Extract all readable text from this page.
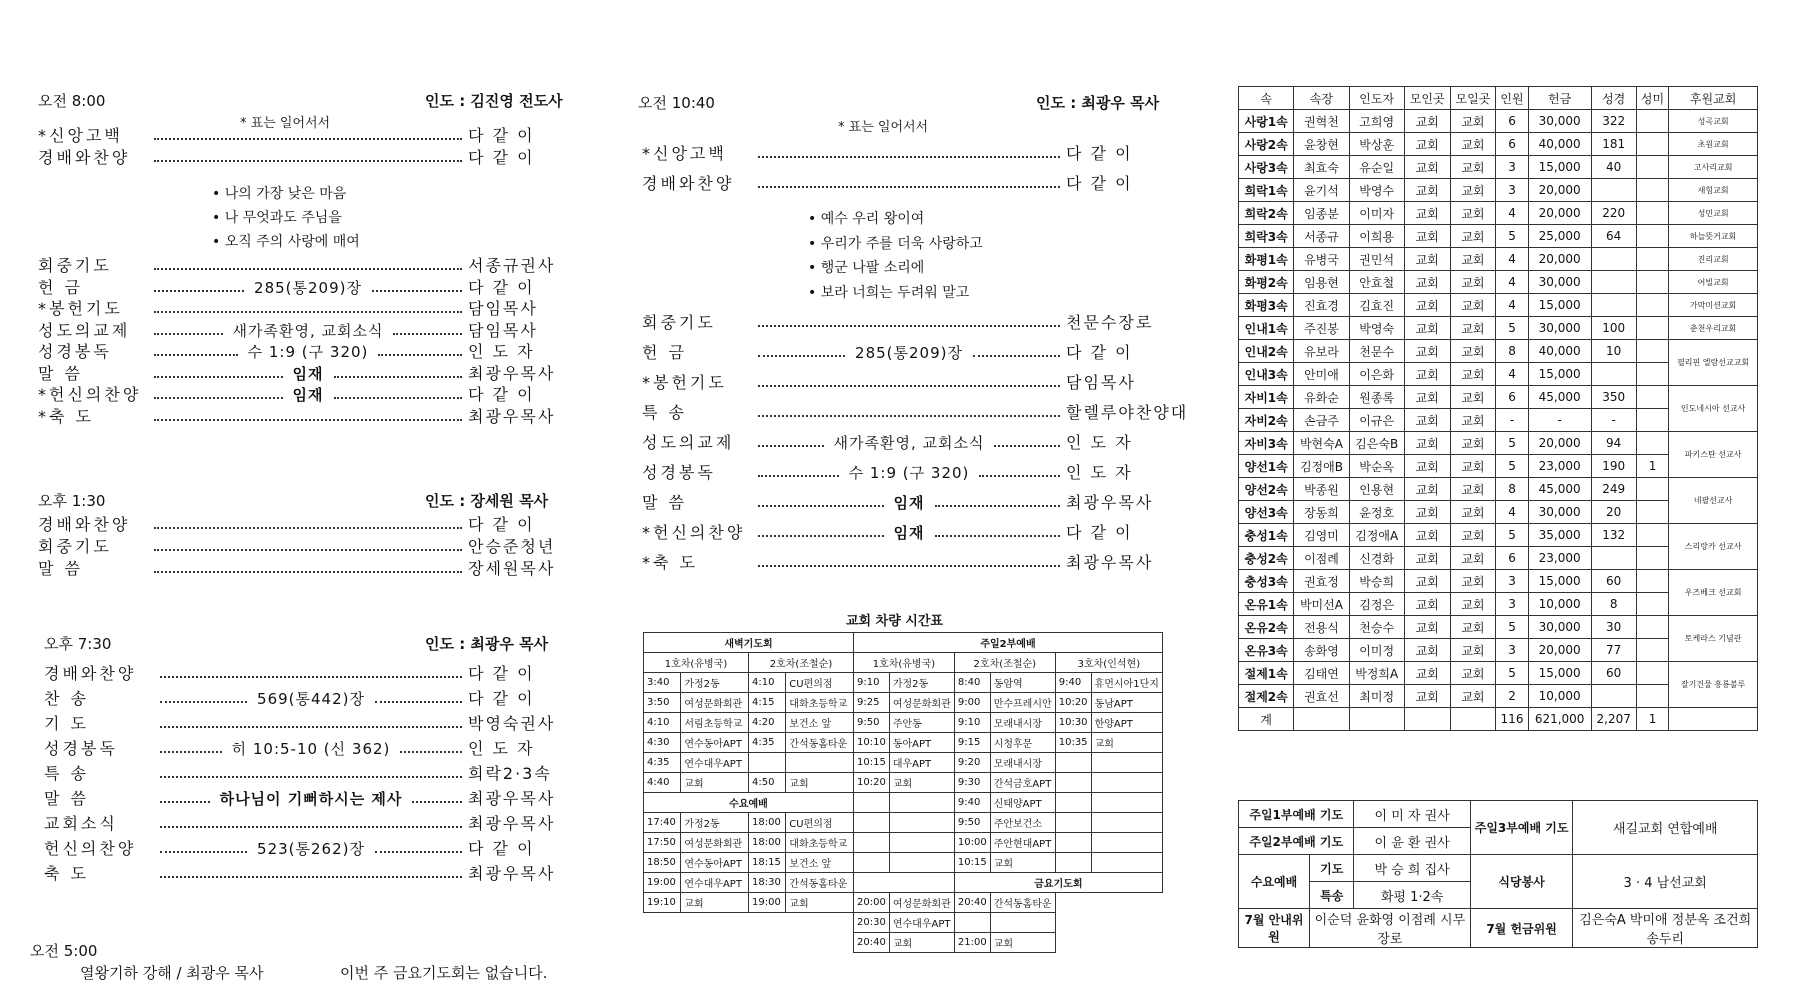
오전 8:00	인도 : 김진영 전도사
* 표는 일어서서
*신앙고백	다 같 이
경배와찬양	다 같 이
• 나의 가장 낮은 마음
• 나 무엇과도 주님을
• 오직 주의 사랑에 매여
회중기도	서종규권사
헌 금	285(통209)장	다 같 이
*봉헌기도	담임목사
성도의교제	새가족환영, 교회소식	담임목사
성경봉독	수 1:9 (구 320)	인 도 자
말 씀	임재	최광우목사
*헌신의찬양	임재	다 같 이
*축 도	최광우목사
오후 1:30	인도 : 장세원 목사
경배와찬양	다 같 이
회중기도	안승준청년
말 씀	장세원목사
오후 7:30	인도 : 최광우 목사
경배와찬양	다 같 이
찬 송	569(통442)장	다 같 이
기 도	박영숙권사
성경봉독	히 10:5-10 (신 362)	인 도 자
특 송	희락2·3속
말 씀	하나님이 기뻐하시는 제사	최광우목사
교회소식	최광우목사
헌신의찬양	523(통262)장	다 같 이
축 도	최광우목사
오전 5:00
열왕기하 강해 / 최광우 목사	이번 주 금요기도회는 없습니다.
오전 10:40	인도 : 최광우 목사
* 표는 일어서서
*신앙고백	다 같 이
경배와찬양	다 같 이
• 예수 우리 왕이여
• 우리가 주를 더욱 사랑하고
• 행군 나팔 소리에
• 보라 너희는 두려워 말고
회중기도	천문수장로
헌 금	285(통209)장	다 같 이
*봉헌기도	담임목사
특 송	할렐루야찬양대
성도의교제	새가족환영, 교회소식	인 도 자
성경봉독	수 1:9 (구 320)	인 도 자
말 씀	임재	최광우목사
*헌신의찬양	임재	다 같 이
*축 도	최광우목사
교회 차량 시간표
새벽기도회			
1호차(유병국)		2호차(조철순)	
3:40	가정2동	4:10	CU편의점
3:50	여성문화회관	4:15	대화초등학교
4:10	서림초등학교	4:20	보건소 앞
4:30	연수동아APT	4:35	간석동홈타운
4:35	연수대우APT		
4:40	교회	4:50	교회
수요예배			
17:40	가정2동	18:00	CU편의점
17:50	여성문화회관	18:00	대화초등학교
18:50	연수동아APT	18:15	보건소 앞
19:00	연수대우APT	18:30	간석동홈타운
19:10	교회	19:00	교회
주일2부예배					
1호차(유병국)		2호차(조철순)		3호차(인석현)	
9:10	가정2동	8:40	동암역	9:40	휴먼시아1단지
9:25	여성문화회관	9:00	만수프레시안	10:20	동남APT
9:50	주안동	9:10	모래내시장	10:30	한양APT
10:10	동아APT	9:15	시청후문	10:35	교회
10:15	대우APT	9:20	모래내시장		
10:20	교회	9:30	간석금호APT		
		9:40	신태양APT		
		9:50	주안보건소		
		10:00	주안현대APT		
		10:15	교회		
		금요기도회			
20:00	여성문화회관	20:40	간석동홈타운		
20:30	연수대우APT				
20:40	교회	21:00	교회		
속	속장	인도자	모인곳	모일곳	인원	헌금	성경	성미	후원교회
사랑1속	권혁천	고희영	교회	교회	6	30,000	322		성곡교회
사랑2속	윤창현	박상훈	교회	교회	6	40,000	181		초원교회
사랑3속	최효숙	유순일	교회	교회	3	15,000	40		고사리교회
희락1속	윤기석	박영수	교회	교회	3	20,000			새힘교회
희락2속	임종분	이미자	교회	교회	4	20,000	220		성민교회
희락3속	서종규	이희용	교회	교회	5	25,000	64		하늘뜻거교회
화평1속	유병국	권민석	교회	교회	4	20,000			진리교회
화평2속	임용현	안효철	교회	교회	4	30,000			어빌교회
화평3속	진효경	김효진	교회	교회	4	15,000			가막미션교회
인내1속	주진봉	박영숙	교회	교회	5	30,000	100		춘천우리교회
인내2속	유보라	천문수	교회	교회	8	40,000	10		필리핀 엘람선교교회
인내3속	안미애	이은화	교회	교회	4	15,000			
자비1속	유화순	원종록	교회	교회	6	45,000	350		인도네시아 선교사
자비2속	손금주	이규은	교회	교회	-	-	-		
자비3속	박현숙A	김은숙B	교회	교회	5	20,000	94		파키스탄 선교사
양선1속	김정애B	박순옥	교회	교회	5	23,000	190	1	
양선2속	박종원	인용현	교회	교회	8	45,000	249		네팔선교사
양선3속	장동희	윤정호	교회	교회	4	30,000	20		
충성1속	김영미	김정애A	교회	교회	5	35,000	132		스리랑카 선교사
충성2속	이점례	신경화	교회	교회	6	23,000			
충성3속	권효정	박승희	교회	교회	3	15,000	60		우즈베크 선교회
온유1속	박미선A	김정은	교회	교회	3	10,000	8		
온유2속	전용식	천승수	교회	교회	5	30,000	30		토케라스 기념관
온유3속	송화영	이미정	교회	교회	3	20,000	77		
절제1속	김태연	박정희A	교회	교회	5	15,000	60		잘기건물 흥룡볼루
절제2속	권효선	최미정	교회	교회	2	10,000			
계					116	621,000	2,207	1	
주일1부예배 기도		이 미 자 권사	주일3부예배 기도	새길교회 연합예배
주일2부예배 기도		이 윤 환 권사		
수요예배	기도	박 승 희 집사	식당봉사	3 · 4 남선교회
	특송	화평 1·2속		
7월 안내위원	이순덕 윤화영 이점례 시무장로		7월 헌금위원	김은숙A 박미애 정분옥 조건희 송두리
